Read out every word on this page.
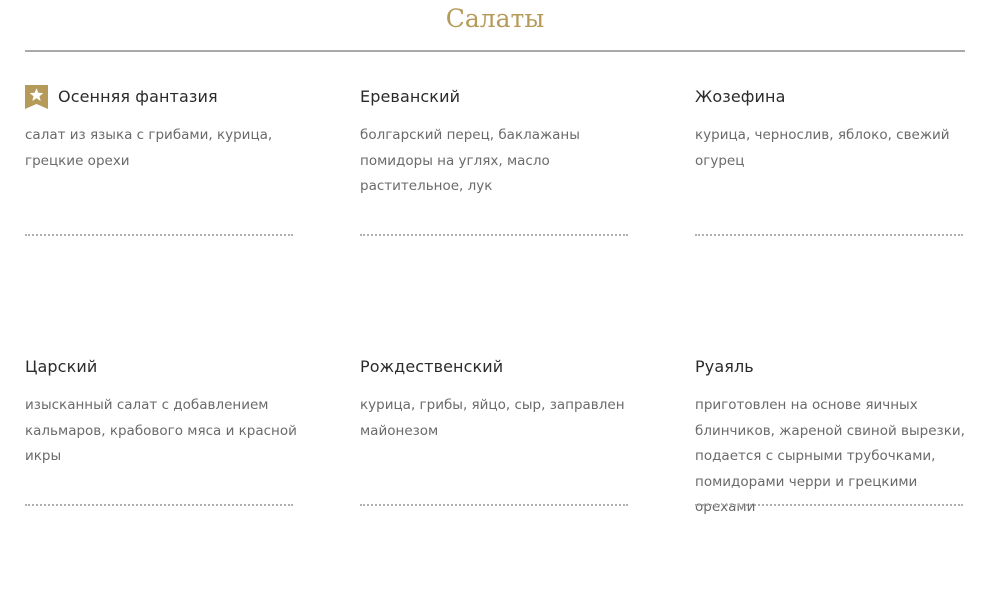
Салаты
Осенняя фантазия
салат из языка с грибами, курица, грецкие орехи
Ереванский
болгарский перец, баклажаны помидоры на углях, масло растительное, лук
Жозефина
курица, чернослив, яблоко, свежий огурец
Царский
изысканный салат с добавлением кальмаров, крабового мяса и красной икры
Рождественский
курица, грибы, яйцо, сыр, заправлен майонезом
Руаяль
приготовлен на основе яичных блинчиков, жареной свиной вырезки, подается с сырными трубочками, помидорами черри и грецкими орехами
